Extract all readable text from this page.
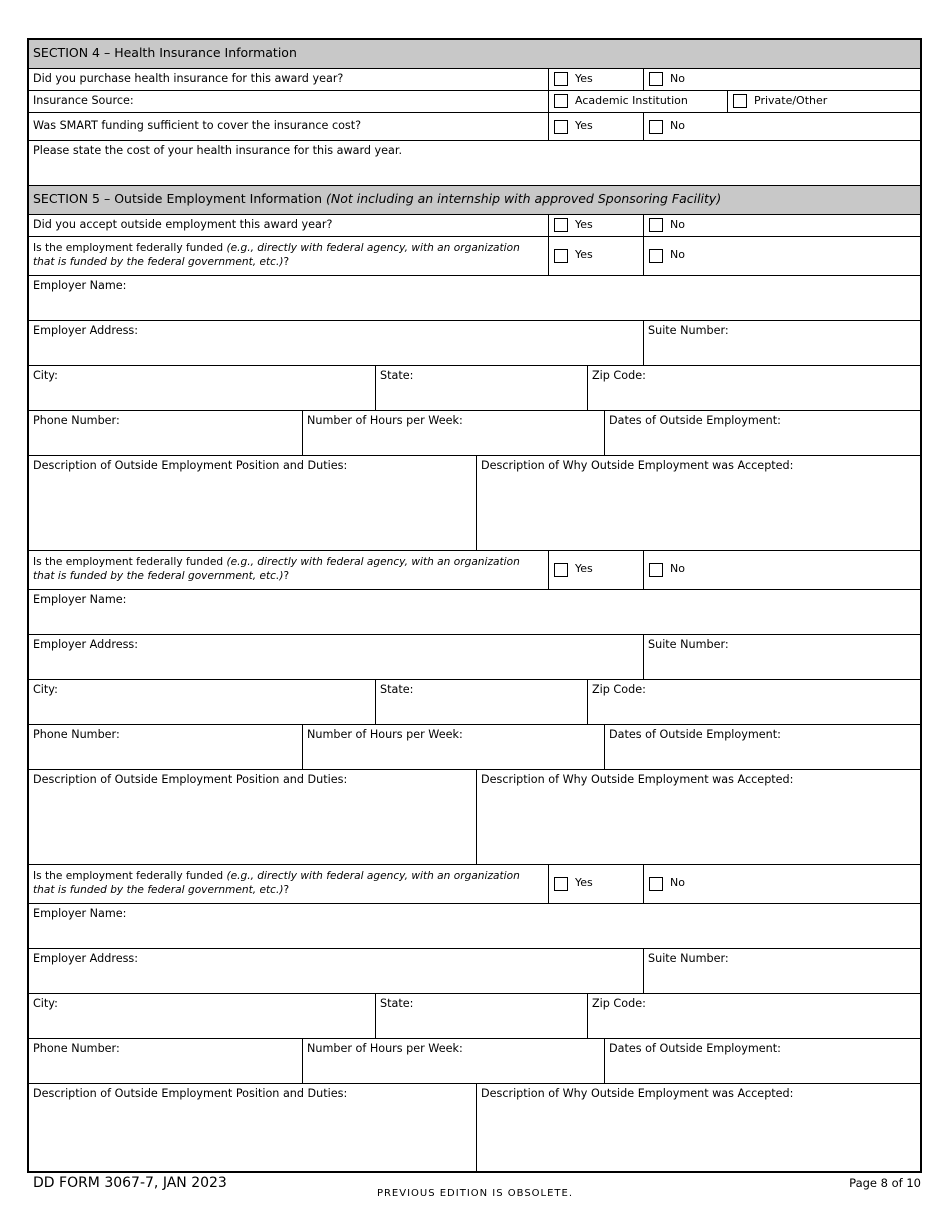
SECTION 4 – Health Insurance Information
Did you purchase health insurance for this award year?	Yes	No
Insurance Source:	Academic Institution	Private/Other
Was SMART funding sufficient to cover the insurance cost?	Yes	No
Please state the cost of your health insurance for this award year.
SECTION 5 – Outside Employment Information (Not including an internship with approved Sponsoring Facility)
Did you accept outside employment this award year?	Yes	No
Is the employment federally funded (e.g., directly with federal agency, with an organization
that is funded by the federal government, etc.)?
Yes	No
Employer Name:
Employer Address:	Suite Number:
City:	State:	Zip Code:
Phone Number:	Number of Hours per Week:	Dates of Outside Employment:
Description of Outside Employment Position and Duties:	Description of Why Outside Employment was Accepted:
Is the employment federally funded (e.g., directly with federal agency, with an organization
that is funded by the federal government, etc.)?
Yes	No
Employer Name:
Employer Address:	Suite Number:
City:	State:	Zip Code:
Phone Number:	Number of Hours per Week:	Dates of Outside Employment:
Description of Outside Employment Position and Duties:	Description of Why Outside Employment was Accepted:
Is the employment federally funded (e.g., directly with federal agency, with an organization
that is funded by the federal government, etc.)?
Yes	No
Employer Name:
Employer Address:	Suite Number:
City:	State:	Zip Code:
Phone Number:	Number of Hours per Week:	Dates of Outside Employment:
Description of Outside Employment Position and Duties:	Description of Why Outside Employment was Accepted:
DD FORM 3067-7, JAN 2023
PREVIOUS EDITION IS OBSOLETE.
Page 8 of 10
